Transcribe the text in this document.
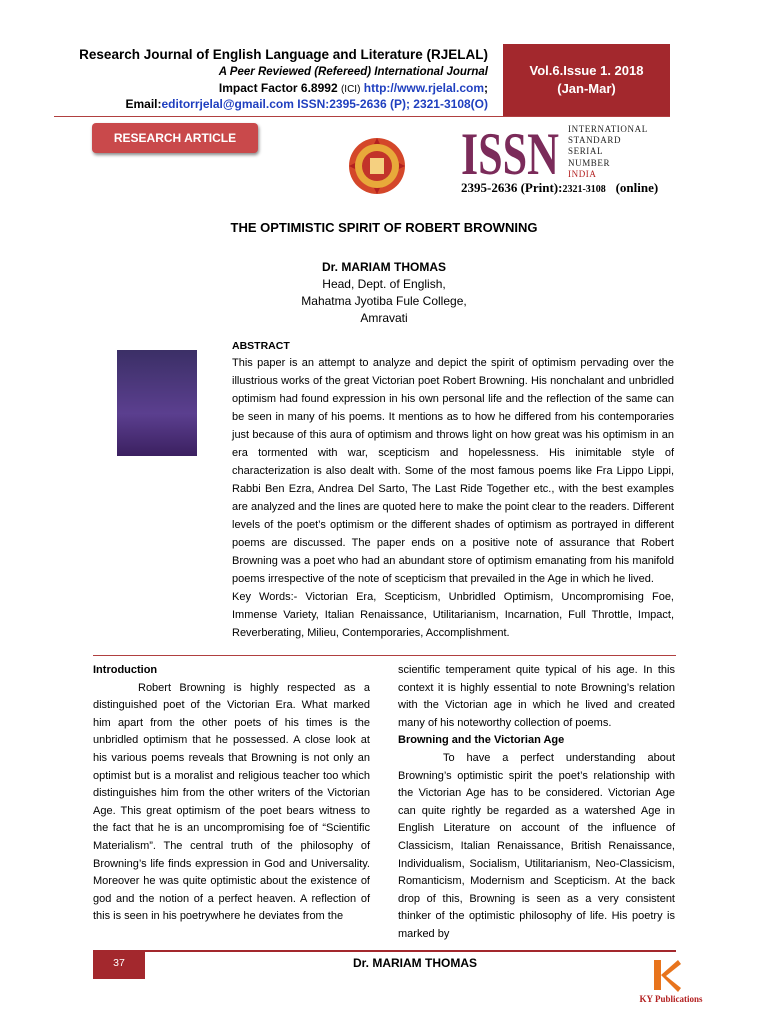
Research Journal of English Language and Literature (RJELAL)
A Peer Reviewed (Refereed) International Journal
Impact Factor 6.8992 (ICI) http://www.rjelal.com;
Email:editorrjelal@gmail.com ISSN:2395-2636 (P); 2321-3108(O)
Vol.6.Issue 1. 2018
(Jan-Mar)
RESEARCH ARTICLE	ISSN INTERNATIONAL
STANDARD
SERIAL
NUMBER
INDIA
2395-2636 (Print):2321-3108 (online)
THE OPTIMISTIC SPIRIT OF ROBERT BROWNING
Dr. MARIAM THOMAS
Head, Dept. of English,
Mahatma Jyotiba Fule College,
Amravati
ABSTRACT
This paper is an attempt to analyze and depict the spirit of optimism pervading over the illustrious works of the great Victorian poet Robert Browning. His nonchalant and unbridled optimism had found expression in his own personal life and the reflection of the same can be seen in many of his poems. It mentions as to how he differed from his contemporaries just because of this aura of optimism and throws light on how great was his optimism in an era tormented with war, scepticism and hopelessness. His inimitable style of characterization is also dealt with. Some of the most famous poems like Fra Lippo Lippi, Rabbi Ben Ezra, Andrea Del Sarto, The Last Ride Together etc., with the best examples are analyzed and the lines are quoted here to make the point clear to the readers. Different levels of the poet’s optimism or the different shades of optimism as portrayed in different poems are discussed. The paper ends on a positive note of assurance that Robert Browning was a poet who had an abundant store of optimism emanating from his manifold poems irrespective of the note of scepticism that prevailed in the Age in which he lived.
Key Words:- Victorian Era, Scepticism, Unbridled Optimism, Uncompromising Foe, Immense Variety, Italian Renaissance, Utilitarianism, Incarnation, Full Throttle, Impact, Reverberating, Milieu, Contemporaries, Accomplishment.

Introduction

Robert Browning is highly respected as a distinguished poet of the Victorian Era. What marked him apart from the other poets of his times is the unbridled optimism that he possessed. A close look at his various poems reveals that Browning is not only an optimist but is a moralist and religious teacher too which distinguishes him from the other writers of the Victorian Age. This great optimism of the poet bears witness to the fact that he is an uncompromising foe of “Scientific Materialism”. The central truth of the philosophy of Browning’s life finds expression in God and Universality. Moreover he was quite optimistic about the existence of god and the notion of a perfect heaven. A reflection of this is seen in his poetrywhere he deviates from the

scientific temperament quite typical of his age. In this context it is highly essential to note Browning’s relation with the Victorian age in which he lived and created many of his noteworthy collection of poems.

Browning and the Victorian Age

To have a perfect understanding about Browning’s optimistic spirit the poet’s relationship with the Victorian Age has to be considered. Victorian Age can quite rightly be regarded as a watershed Age in English Literature on account of the influence of Classicism, Italian Renaissance, British Renaissance, Individualism, Socialism, Utilitarianism, Neo-Classicism, Romanticism, Modernism and Scepticism. At the back drop of this, Browning is seen as a very consistent thinker of the optimistic philosophy of life. His poetry is marked by

37	Dr. MARIAM THOMAS
KY Publications
